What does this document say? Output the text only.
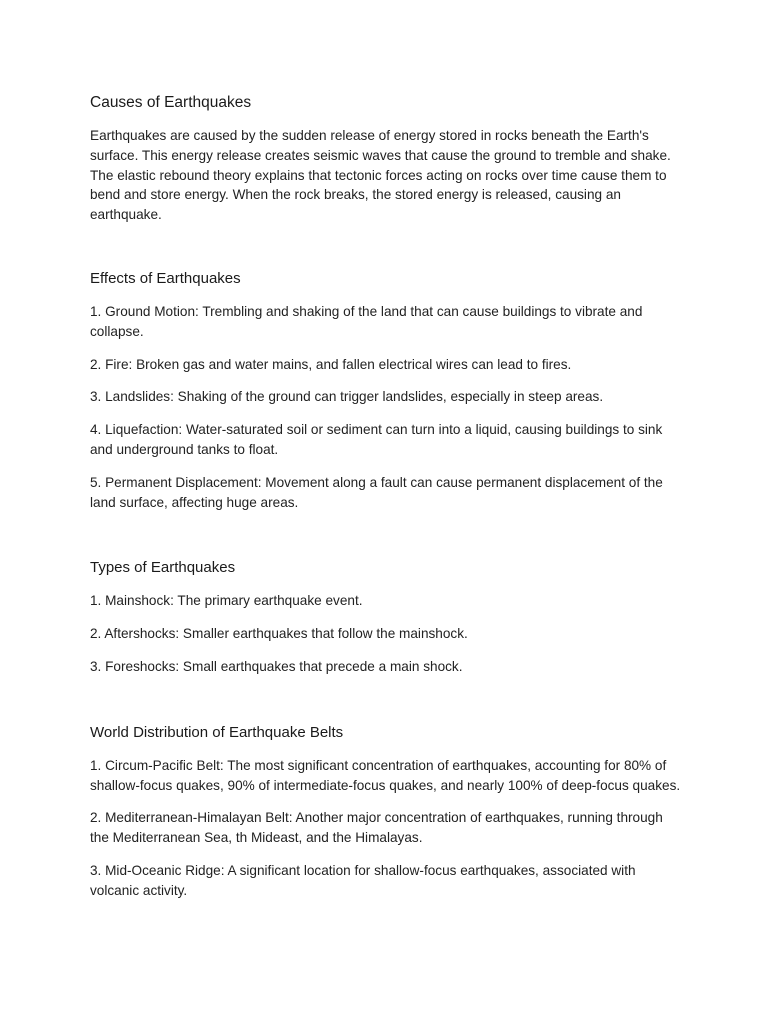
Causes of Earthquakes

Earthquakes are caused by the sudden release of energy stored in rocks beneath the Earth's surface. This energy release creates seismic waves that cause the ground to tremble and shake. The elastic rebound theory explains that tectonic forces acting on rocks over time cause them to bend and store energy. When the rock breaks, the stored energy is released, causing an earthquake.

Effects of Earthquakes

1. Ground Motion: Trembling and shaking of the land that can cause buildings to vibrate and collapse.

2. Fire: Broken gas and water mains, and fallen electrical wires can lead to fires.

3. Landslides: Shaking of the ground can trigger landslides, especially in steep areas.

4. Liquefaction: Water-saturated soil or sediment can turn into a liquid, causing buildings to sink and underground tanks to float.

5. Permanent Displacement: Movement along a fault can cause permanent displacement of the land surface, affecting huge areas.

Types of Earthquakes

1. Mainshock: The primary earthquake event.

2. Aftershocks: Smaller earthquakes that follow the mainshock.

3. Foreshocks: Small earthquakes that precede a main shock.

World Distribution of Earthquake Belts

1. Circum-Pacific Belt: The most significant concentration of earthquakes, accounting for 80% of shallow-focus quakes, 90% of intermediate-focus quakes, and nearly 100% of deep-focus quakes.

2. Mediterranean-Himalayan Belt: Another major concentration of earthquakes, running through the Mediterranean Sea, th Mideast, and the Himalayas.

3. Mid-Oceanic Ridge: A significant location for shallow-focus earthquakes, associated with volcanic activity.
